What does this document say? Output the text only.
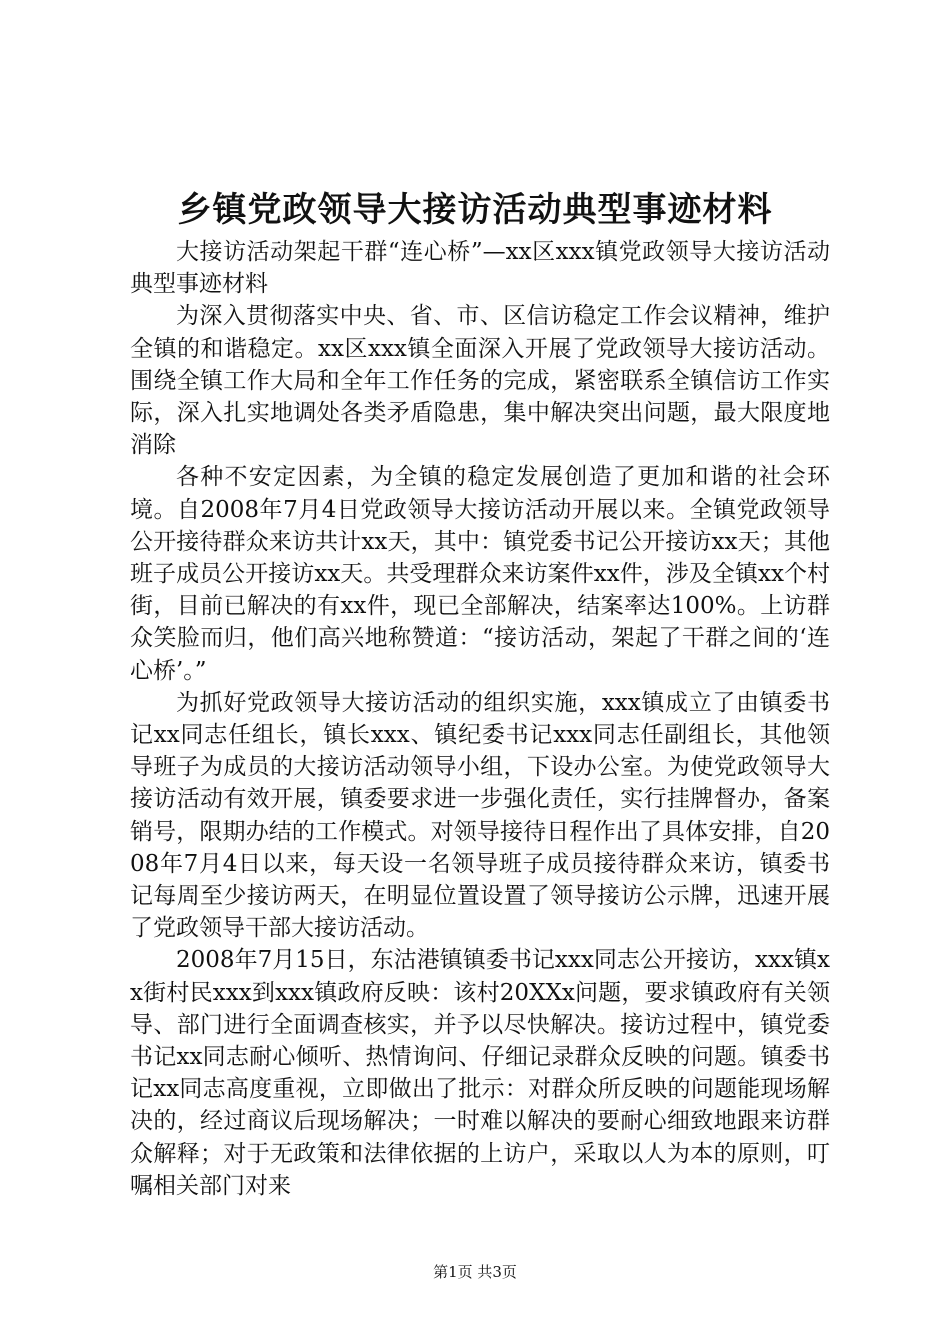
乡镇党政领导大接访活动典型事迹材料

大接访活动架起干群“连心桥”—xx区xxx镇党政领导大接访活动典型事迹材料

为深入贯彻落实中央、省、市、区信访稳定工作会议精神，维护全镇的和谐稳定。xx区xxx镇全面深入开展了党政领导大接访活动。围绕全镇工作大局和全年工作任务的完成，紧密联系全镇信访工作实际，深入扎实地调处各类矛盾隐患，集中解决突出问题，最大限度地消除

各种不安定因素，为全镇的稳定发展创造了更加和谐的社会环境。自2008年7月4日党政领导大接访活动开展以来。全镇党政领导公开接待群众来访共计xx天，其中：镇党委书记公开接访xx天；其他班子成员公开接访xx天。共受理群众来访案件xx件，涉及全镇xx个村街，目前已解决的有xx件，现已全部解决，结案率达100%。上访群众笑脸而归，他们高兴地称赞道：“接访活动，架起了干群之间的‘连心桥’。”

为抓好党政领导大接访活动的组织实施，xxx镇成立了由镇委书记xx同志任组长，镇长xxx、镇纪委书记xxx同志任副组长，其他领导班子为成员的大接访活动领导小组，下设办公室。为使党政领导大接访活动有效开展，镇委要求进一步强化责任，实行挂牌督办，备案销号，限期办结的工作模式。对领导接待日程作出了具体安排，自2008年7月4日以来，每天设一名领导班子成员接待群众来访，镇委书记每周至少接访两天，在明显位置设置了领导接访公示牌，迅速开展了党政领导干部大接访活动。

2008年7月15日，东沽港镇镇委书记xxx同志公开接访，xxx镇xx街村民xxx到xxx镇政府反映：该村20XXx问题，要求镇政府有关领导、部门进行全面调查核实，并予以尽快解决。接访过程中，镇党委书记xx同志耐心倾听、热情询问、仔细记录群众反映的问题。镇委书记xx同志高度重视，立即做出了批示：对群众所反映的问题能现场解决的，经过商议后现场解决；一时难以解决的要耐心细致地跟来访群众解释；对于无政策和法律依据的上访户，采取以人为本的原则，叮嘱相关部门对来

第1页 共3页
